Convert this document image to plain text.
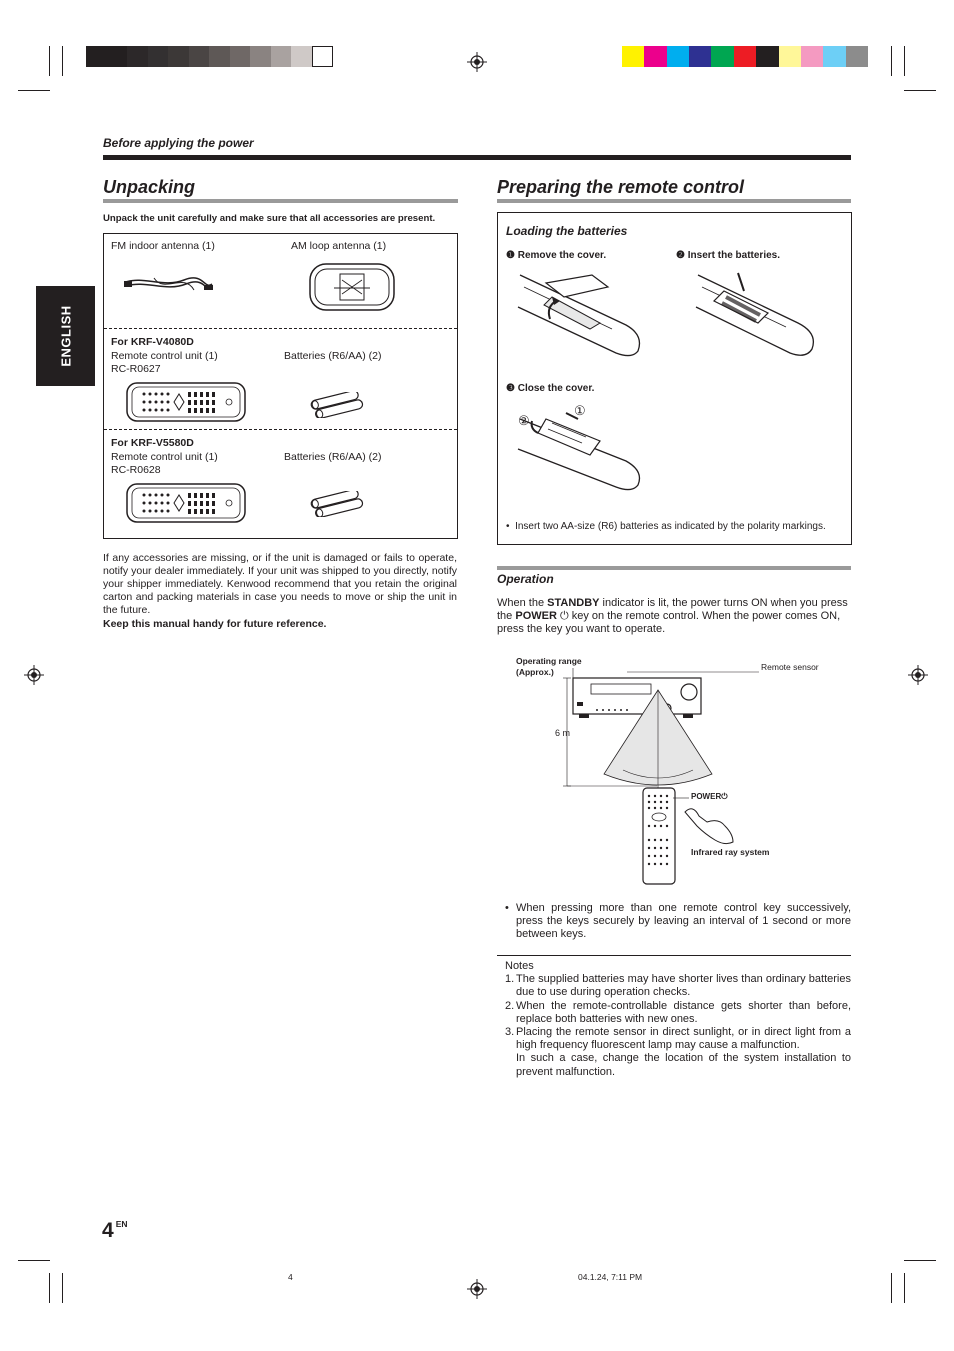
Before applying the power
ENGLISH
Unpacking
Unpack the unit carefully and make sure that all accessories are present.
FM indoor antenna (1)	AM loop antenna (1)
For KRF-V4080D
Remote control unit (1)
RC-R0627
Batteries (R6/AA) (2)
For KRF-V5580D
Remote control unit (1)
RC-R0628
Batteries (R6/AA) (2)
If any accessories are missing, or if the unit is damaged or fails to operate, notify your dealer immediately. If your unit was shipped to you directly, notify your shipper immediately. Kenwood recommend that you retain the original carton and packing materials in case you needs to move or ship the unit in the future.
Keep this manual handy for future reference.
Preparing the remote control
Loading the batteries
❶ Remove the cover.	❷ Insert the batteries.
❸ Close the cover.
①
②
•  Insert two AA-size (R6) batteries as indicated by the polarity markings.
Operation
When the STANDBY indicator is lit, the power turns ON when you press the POWER ⏻ key on the remote control. When the power comes ON, press the key you want to operate.
Operating range
(Approx.)	Remote sensor
6 m
POWER⏻
Infrared ray system
• When pressing more than one remote control key successively, press the keys securely by leaving an interval of 1 second or more between keys.

Notes

1. The supplied batteries may have shorter lives than ordinary batteries due to use during operation checks.
2. When the remote-controllable distance gets shorter than before, replace both batteries with new ones.
3. Placing the remote sensor in direct sunlight, or in direct light from a high frequency fluorescent lamp may cause a malfunction.

In such a case, change the location of the system installation to prevent malfunction.

4 $^{EN}$
4	04.1.24, 7:11 PM
